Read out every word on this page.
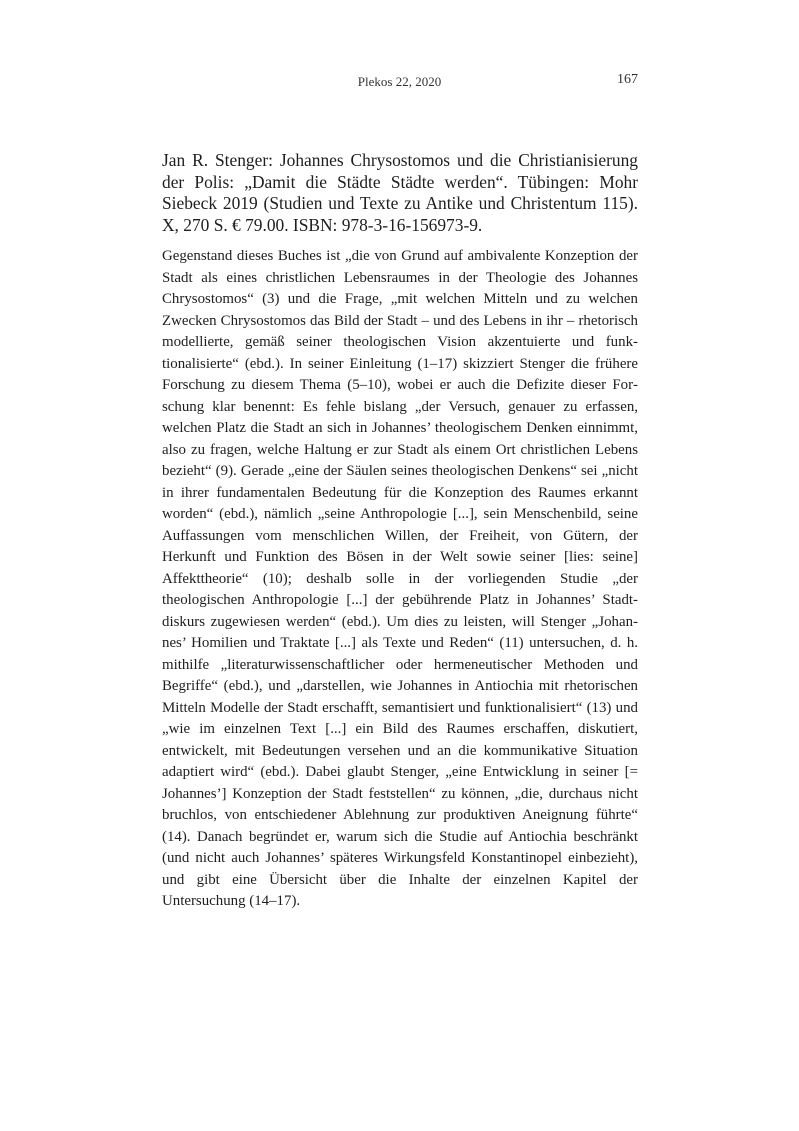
Plekos 22, 2020	167
Jan R. Stenger: Johannes Chrysostomos und die Christianisierung der Polis: „Damit die Städte Städte werden“. Tübingen: Mohr Siebeck 2019 (Studien und Texte zu Antike und Christentum 115). X, 270 S. € 79.00. ISBN: 978-3-16-156973-9.

Gegenstand dieses Buches ist „die von Grund auf ambivalente Konzeption der Stadt als eines christlichen Lebensraumes in der Theologie des Johannes Chrysostomos“ (3) und die Frage, „mit welchen Mitteln und zu welchen Zwecken Chrysostomos das Bild der Stadt – und des Lebens in ihr – rhetorisch modellierte, gemäß seiner theologischen Vision akzentuierte und funktionalisierte“ (ebd.). In seiner Einleitung (1–17) skizziert Stenger die frühere Forschung zu diesem Thema (5–10), wobei er auch die Defizite dieser Forschung klar benennt: Es fehle bislang „der Versuch, genauer zu erfassen, welchen Platz die Stadt an sich in Johannes’ theologischem Denken einnimmt, also zu fragen, welche Haltung er zur Stadt als einem Ort christlichen Lebens bezieht“ (9). Gerade „eine der Säulen seines theologischen Denkens“ sei „nicht in ihrer fundamentalen Bedeutung für die Konzeption des Raumes erkannt worden“ (ebd.), nämlich „seine Anthropologie [...], sein Menschenbild, seine Auffassungen vom menschlichen Willen, der Freiheit, von Gütern, der Herkunft und Funktion des Bösen in der Welt sowie seiner [lies: seine] Affekttheorie“ (10); deshalb solle in der vorliegenden Studie „der theologischen Anthropologie [...] der gebührende Platz in Johannes’ Stadtdiskurs zugewiesen werden“ (ebd.). Um dies zu leisten, will Stenger „Johannes’ Homilien und Traktate [...] als Texte und Reden“ (11) untersuchen, d. h. mithilfe „literaturwissenschaftlicher oder hermeneutischer Methoden und Begriffe“ (ebd.), und „darstellen, wie Johannes in Antiochia mit rhetorischen Mitteln Modelle der Stadt erschafft, semantisiert und funktionalisiert“ (13) und „wie im einzelnen Text [...] ein Bild des Raumes erschaffen, diskutiert, entwickelt, mit Bedeutungen versehen und an die kommunikative Situation adaptiert wird“ (ebd.). Dabei glaubt Stenger, „eine Entwicklung in seiner [= Johannes’] Konzeption der Stadt feststellen“ zu können, „die, durchaus nicht bruchlos, von entschiedener Ablehnung zur produktiven Aneignung führte“ (14). Danach begründet er, warum sich die Studie auf Antiochia beschränkt (und nicht auch Johannes’ späteres Wirkungsfeld Konstantinopel einbezieht), und gibt eine Übersicht über die Inhalte der einzelnen Kapitel der Untersuchung (14–17).
